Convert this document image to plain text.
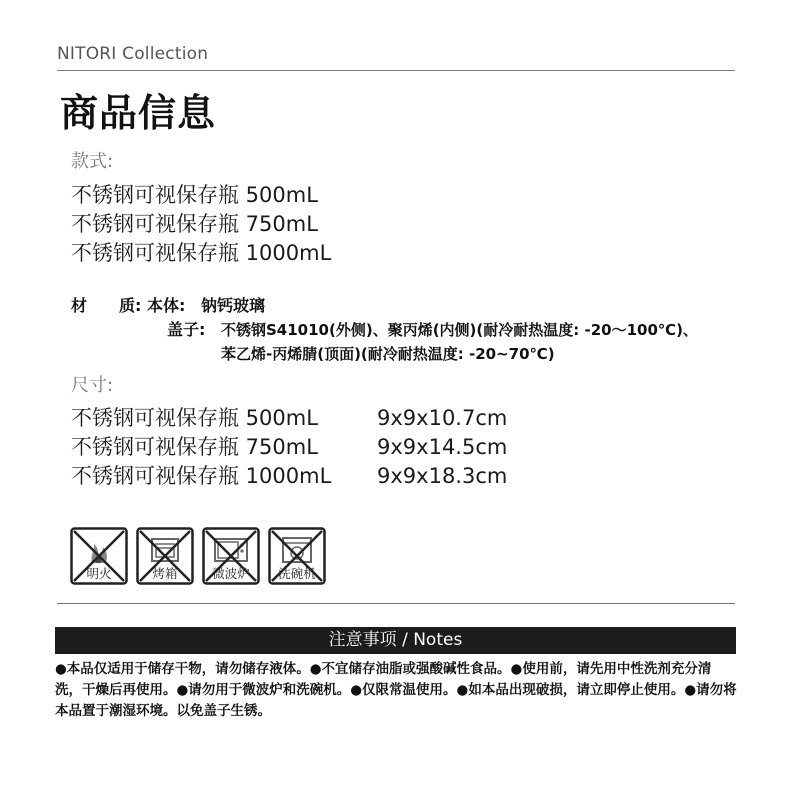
NITORI Collection
商品信息
款式:
不锈钢可视保存瓶 500mL
不锈钢可视保存瓶 750mL
不锈钢可视保存瓶 1000mL
材　　质: 本体: 钠钙玻璃
盖子:	不锈钢S41010(外侧)、聚丙烯(内侧)(耐冷耐热温度: -20～100℃)、
苯乙烯-丙烯腈(顶面)(耐冷耐热温度: -20~70℃)
尺寸:
不锈钢可视保存瓶 500mL	9x9x10.7cm
不锈钢可视保存瓶 750mL	9x9x14.5cm
不锈钢可视保存瓶 1000mL	9x9x18.3cm
明火	烤箱	微波炉	洗碗机
注意事项 / Notes
●本品仅适用于储存干物，请勿储存液体。●不宜储存油脂或强酸碱性食品。●使用前，请先用中性洗剂充分清洗，干燥后再使用。●请勿用于微波炉和洗碗机。●仅限常温使用。●如本品出现破损，请立即停止使用。●请勿将本品置于潮湿环境。以免盖子生锈。
